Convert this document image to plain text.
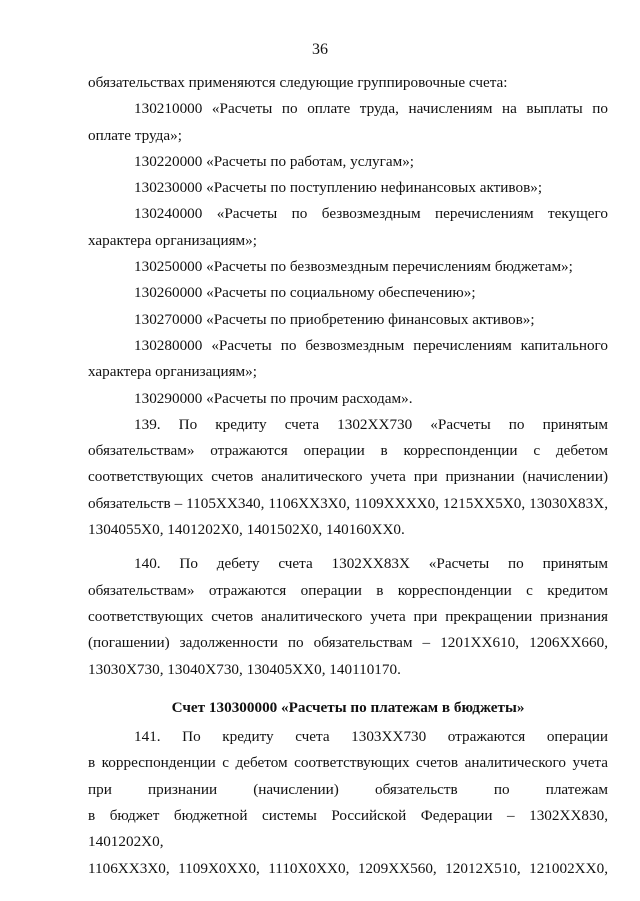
36

обязательствах применяются следующие группировочные счета:

130210000 «Расчеты по оплате труда, начислениям на выплаты по оплате труда»;

130220000 «Расчеты по работам, услугам»;

130230000 «Расчеты по поступлению нефинансовых активов»;

130240000 «Расчеты по безвозмездным перечислениям текущего характера организациям»;

130250000 «Расчеты по безвозмездным перечислениям бюджетам»;

130260000 «Расчеты по социальному обеспечению»;

130270000 «Расчеты по приобретению финансовых активов»;

130280000 «Расчеты по безвозмездным перечислениям капитального характера организациям»;

130290000 «Расчеты по прочим расходам».

139. По кредиту счета 1302ХХ730 «Расчеты по принятым обязательствам» отражаются операции в корреспонденции с дебетом соответствующих счетов аналитического учета при признании (начислении) обязательств – 1105ХХ340, 1106ХХ3Х0, 1109ХХХХ0, 1215ХХ5Х0, 13030Х83Х, 1304055Х0, 1401202Х0, 1401502Х0, 140160ХХ0.

140. По дебету счета 1302ХХ83Х «Расчеты по принятым обязательствам» отражаются операции в корреспонденции с кредитом соответствующих счетов аналитического учета при прекращении признания (погашении) задолженности по обязательствам – 1201ХХ610, 1206ХХ660, 13030Х730, 13040Х730, 130405ХХ0, 140110170.

Счет 130300000 «Расчеты по платежам в бюджеты»

141. По кредиту счета 1303ХХ730 отражаются операции

в корреспонденции с дебетом соответствующих счетов аналитического учета

при признании (начислении) обязательств по платежам

в бюджет бюджетной системы Российской Федерации – 1302ХХ830, 1401202Х0,

1106ХХ3Х0, 1109Х0ХХ0, 1110Х0ХХ0, 1209ХХ560, 12012Х510, 121002ХХ0,
